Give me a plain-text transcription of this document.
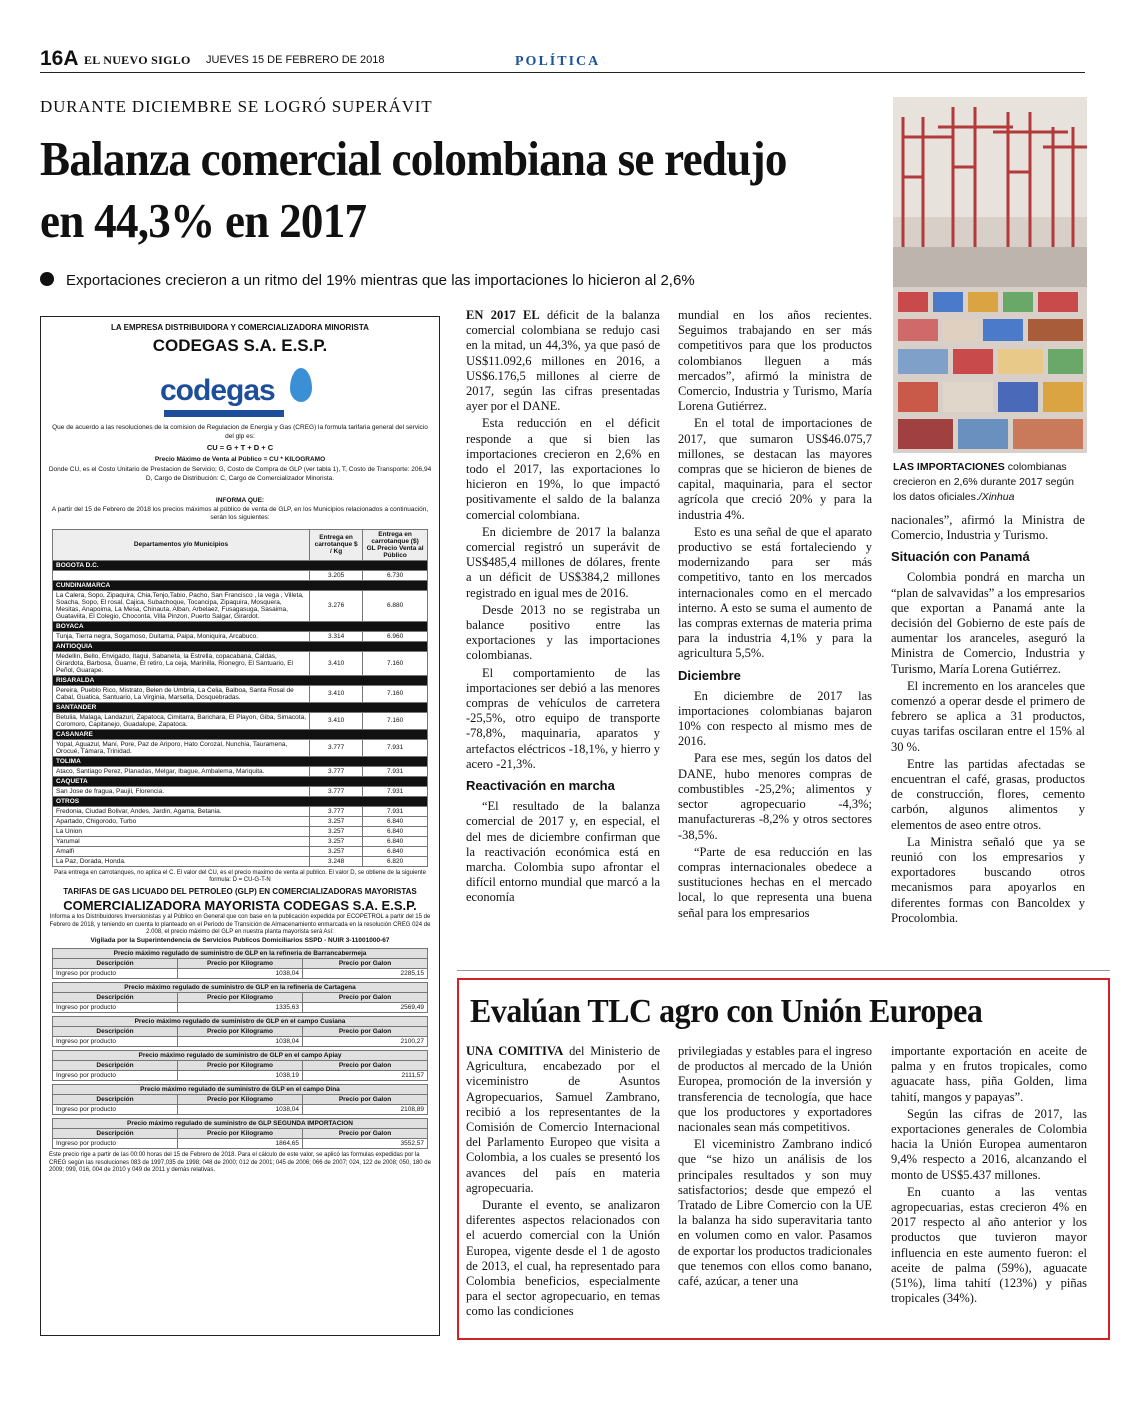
16A EL NUEVO SIGLO JUEVES 15 DE FEBRERO DE 2018	POLÍTICA
DURANTE DICIEMBRE SE LOGRÓ SUPERÁVIT
Balanza comercial colombiana se redujo en 44,3% en 2017
Exportaciones crecieron a un ritmo del 19% mientras que las importaciones lo hicieron al 2,6%
LAS IMPORTACIONES colombianas crecieron en 2,6% durante 2017 según los datos oficiales./Xinhua
LA EMPRESA DISTRIBUIDORA Y COMERCIALIZADORA MINORISTA
CODEGAS S.A. E.S.P.
codegas
Que de acuerdo a las resoluciones de la comision de Regulacion de Energia y Gas (CREG) la formula tarifaria general del servicio del glp es:
CU = G + T + D + C
Precio Máximo de Venta al Público = CU * KILOGRAMO
Donde CU, es el Costo Unitario de Prestacion de Servicio; G, Costo de Compra de GLP (ver tabla 1), T, Costo de Transporte: 206,94 D, Cargo de Distribución: C, Cargo de Comercializador Minorista.
INFORMA QUE:
A partir del 15 de Febrero de 2018 los precios máximos al público de venta de GLP, en los Municipios relacionados a continuación, serán los siguientes:
Departamentos y/o Municipios	Entrega en carrotanque $ / Kg	Entrega en carrotanque ($) GL Precio Venta al Público
BOGOTA D.C.		
	3.205	6.730
CUNDINAMARCA		
La Calera, Sopo, Zipaquira, Chia,Tenjo,Tabio, Pacho, San Francisco , la vega , Villeta, Soacha, Sopo, El rosal, Cajica, Subachoque, Tocancipa, Zipaquira, Mosquera, Mesitas, Anapoima, La Mesa, Chinauta, Alban, Arbelaez, Fusagasuga, Sasaima, Guataviita, El Colegio, Choconta, Villa Pinzon, Puerto Salgar, Girardot.	3.276	6.880
BOYACA		
Tunja, Tierra negra, Sogamoso, Duitama, Paipa, Moniquira, Arcabuco.	3.314	6.960
ANTIOQUIA		
Medellin, Bello, Envigado, Itagui, Sabaneta, la Estrella, copacabana, Caldas, Girardota, Barbosa, Guarne, El retiro, La ceja, Marinilla, Rionegro, El Santuario, El Peñol, Guarape.	3.410	7.160
RISARALDA		
Pereira, Pueblo Rico, Mistrato, Belen de Umbria, La Celia, Balboa, Santa Rosal de Cabal, Guatica, Santuario, La Virginia, Marsella, Dosquebradas.	3.410	7.160
SANTANDER		
Betulia, Malaga, Landazuri, Zapatoca, Cimitarra, Barichara, El Playon, Giba, Simacota, Coromoro, Capitanejo, Guadalupe, Zapatoca.	3.410	7.160
CASANARE		
Yopal, Aguazul, Maní, Pore, Paz de Ariporo, Hato Corozal, Nunchia, Tauramena, Orocué, Támara, Trinidad.	3.777	7.931
TOLIMA		
Ataco, Santiago Perez, Planadas, Melgar, Ibague, Ambalema, Mariquita.	3.777	7.931
CAQUETA		
San Jose de fragua, Paujil, Florencia.	3.777	7.931
OTROS		
Fredonia, Ciudad Bolivar, Andes, Jardin, Agama, Betania.	3.777	7.931
Apartado, Chigorodo, Turbo	3.257	6.840
La Union	3.257	6.840
Yarumal	3.257	6.840
Amalfi	3.257	6.840
La Paz, Dorada, Honda.	3.248	6.820
Para entrega en carrotanques, no aplica el C. El valor del CU, es el precio maximo de venta al publico. El valor D, se obtiene de la siguiente formula: D = CU-G-T-N
TARIFAS DE GAS LICUADO DEL PETROLEO (GLP) EN COMERCIALIZADORAS MAYORISTAS
COMERCIALIZADORA MAYORISTA CODEGAS S.A. E.S.P.
Informa a los Distribuidores Inversionistas y al Público en General que con base en la publicación expedida por ECOPETROL a partir del 15 de Febrero de 2018, y teniendo en cuenta lo planteado en el Periodo de Transición de Almacenamiento enmarcada en la resolución CREG 024 de 2.008, el precio máximo del GLP en nuestra planta mayorista será Así:
Vigilada por la Superintendencia de Servicios Publicos Domiciliarios SSPD - NUIR 3-11001000-67
Precio máximo regulado de suministro de GLP en la refineria de Barrancabermeja		
Descripción	Precio por Kilogramo	Precio por Galon
Ingreso por producto	1038,04	2285,15
Precio máximo regulado de suministro de GLP en la refineria de Cartagena		
Descripción	Precio por Kilogramo	Precio por Galon
Ingreso por producto	1335,63	2569,49
Precio máximo regulado de suministro de GLP en el campo Cusiana		
Descripción	Precio por Kilogramo	Precio por Galon
Ingreso por producto	1038,04	2100,27
Precio máximo regulado de suministro de GLP en el campo Apiay		
Descripción	Precio por Kilogramo	Precio por Galon
Ingreso por producto	1038,19	2111,57
Precio máximo regulado de suministro de GLP en el campo Dina		
Descripción	Precio por Kilogramo	Precio por Galon
Ingreso por producto	1038,04	2108,89
Precio máximo regulado de suministro de GLP SEGUNDA IMPORTACION		
Descripción	Precio por Kilogramo	Precio por Galon
Ingreso por producto	1864,65	3552,57
Este precio rige a partir de las 00:00 horas del 15 de Febrero de 2018. Para el cálculo de este valor, se aplicó las formulas expedidas por la CREG según las resoluciones 083 de 1997,035 de 1998; 048 de 2000; 012 de 2001; 045 de 2006; 066 de 2007; 024, 122 de 2008; 050, 180 de 2009; 099, 016, 004 de 2010 y 049 de 2011 y demás relativas.

EN 2017 EL déficit de la balanza comercial colombiana se redujo casi en la mitad, un 44,3%, ya que pasó de US$11.092,6 millones en 2016, a US$6.176,5 millones al cierre de 2017, según las cifras presentadas ayer por el DANE.

Esta reducción en el déficit responde a que si bien las importaciones crecieron en 2,6% en todo el 2017, las exportaciones lo hicieron en 19%, lo que impactó positivamente el saldo de la balanza comercial colombiana.

En diciembre de 2017 la balanza comercial registró un superávit de US$485,4 millones de dólares, frente a un déficit de US$384,2 millones registrado en igual mes de 2016.

Desde 2013 no se registraba un balance positivo entre las exportaciones y las importaciones colombianas.

El comportamiento de las importaciones ser debió a las menores compras de vehículos de carretera -25,5%, otro equipo de transporte -78,8%, maquinaria, aparatos y artefactos eléctricos -18,1%, y hierro y acero -21,3%.

Reactivación en marcha

“El resultado de la balanza comercial de 2017 y, en especial, el del mes de diciembre confirman que la reactivación económica está en marcha. Colombia supo afrontar el difícil entorno mundial que marcó a la economía

mundial en los años recientes. Seguimos trabajando en ser más competitivos para que los productos colombianos lleguen a más mercados”, afirmó la ministra de Comercio, Industria y Turismo, María Lorena Gutiérrez.

En el total de importaciones de 2017, que sumaron US$46.075,7 millones, se destacan las mayores compras que se hicieron de bienes de capital, maquinaria, para el sector agrícola que creció 20% y para la industria 4%.

Esto es una señal de que el aparato productivo se está fortaleciendo y modernizando para ser más competitivo, tanto en los mercados internacionales como en el mercado interno. A esto se suma el aumento de las compras externas de materia prima para la industria 4,1% y para la agricultura 5,5%.

Diciembre

En diciembre de 2017 las importaciones colombianas bajaron 10% con respecto al mismo mes de 2016.

Para ese mes, según los datos del DANE, hubo menores compras de combustibles -25,2%; alimentos y sector agropecuario -4,3%; manufactureras -8,2% y otros sectores -38,5%.

“Parte de esa reducción en las compras internacionales obedece a sustituciones hechas en el mercado local, lo que representa una buena señal para los empresarios

nacionales”, afirmó la Ministra de Comercio, Industria y Turismo.

Situación con Panamá

Colombia pondrá en marcha un “plan de salvavidas” a los empresarios que exportan a Panamá ante la decisión del Gobierno de este país de aumentar los aranceles, aseguró la Ministra de Comercio, Industria y Turismo, María Lorena Gutiérrez.

El incremento en los aranceles que comenzó a operar desde el primero de febrero se aplica a 31 productos, cuyas tarifas oscilaran entre el 15% al 30 %.

Entre las partidas afectadas se encuentran el café, grasas, productos de construcción, flores, cemento carbón, algunos alimentos y elementos de aseo entre otros.

La Ministra señaló que ya se reunió con los empresarios y exportadores buscando otros mecanismos para apoyarlos en diferentes formas con Bancoldex y Procolombia.

Evalúan TLC agro con Unión Europea

UNA COMITIVA del Ministerio de Agricultura, encabezado por el viceministro de Asuntos Agropecuarios, Samuel Zambrano, recibió a los representantes de la Comisión de Comercio Internacional del Parlamento Europeo que visita a Colombia, a los cuales se presentó los avances del país en materia agropecuaria.

Durante el evento, se analizaron diferentes aspectos relacionados con el acuerdo comercial con la Unión Europea, vigente desde el 1 de agosto de 2013, el cual, ha representado para Colombia beneficios, especialmente para el sector agropecuario, en temas como las condiciones

privilegiadas y estables para el ingreso de productos al mercado de la Unión Europea, promoción de la inversión y transferencia de tecnología, que hace que los productores y exportadores nacionales sean más competitivos.

El viceministro Zambrano indicó que “se hizo un análisis de los principales resultados y son muy satisfactorios; desde que empezó el Tratado de Libre Comercio con la UE la balanza ha sido superavitaria tanto en volumen como en valor. Pasamos de exportar los productos tradicionales que tenemos con ellos como banano, café, azúcar, a tener una

importante exportación en aceite de palma y en frutos tropicales, como aguacate hass, piña Golden, lima tahití, mangos y papayas”.

Según las cifras de 2017, las exportaciones generales de Colombia hacia la Unión Europea aumentaron 9,4% respecto a 2016, alcanzando el monto de US$5.437 millones.

En cuanto a las ventas agropecuarias, estas crecieron 4% en 2017 respecto al año anterior y los productos que tuvieron mayor influencia en este aumento fueron: el aceite de palma (59%), aguacate (51%), lima tahití (123%) y piñas tropicales (34%).
